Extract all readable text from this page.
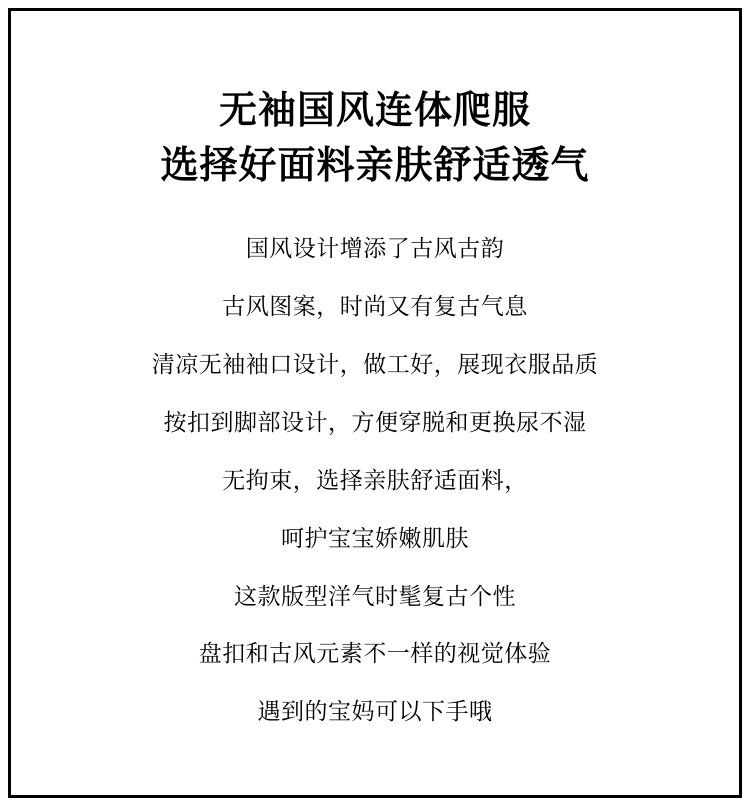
无袖国风连体爬服
选择好面料亲肤舒适透气
国风设计增添了古风古韵
古风图案，时尚又有复古气息
清凉无袖袖口设计，做工好，展现衣服品质
按扣到脚部设计，方便穿脱和更换尿不湿
无拘束，选择亲肤舒适面料，
呵护宝宝娇嫩肌肤
这款版型洋气时髦复古个性
盘扣和古风元素不一样的视觉体验
遇到的宝妈可以下手哦
